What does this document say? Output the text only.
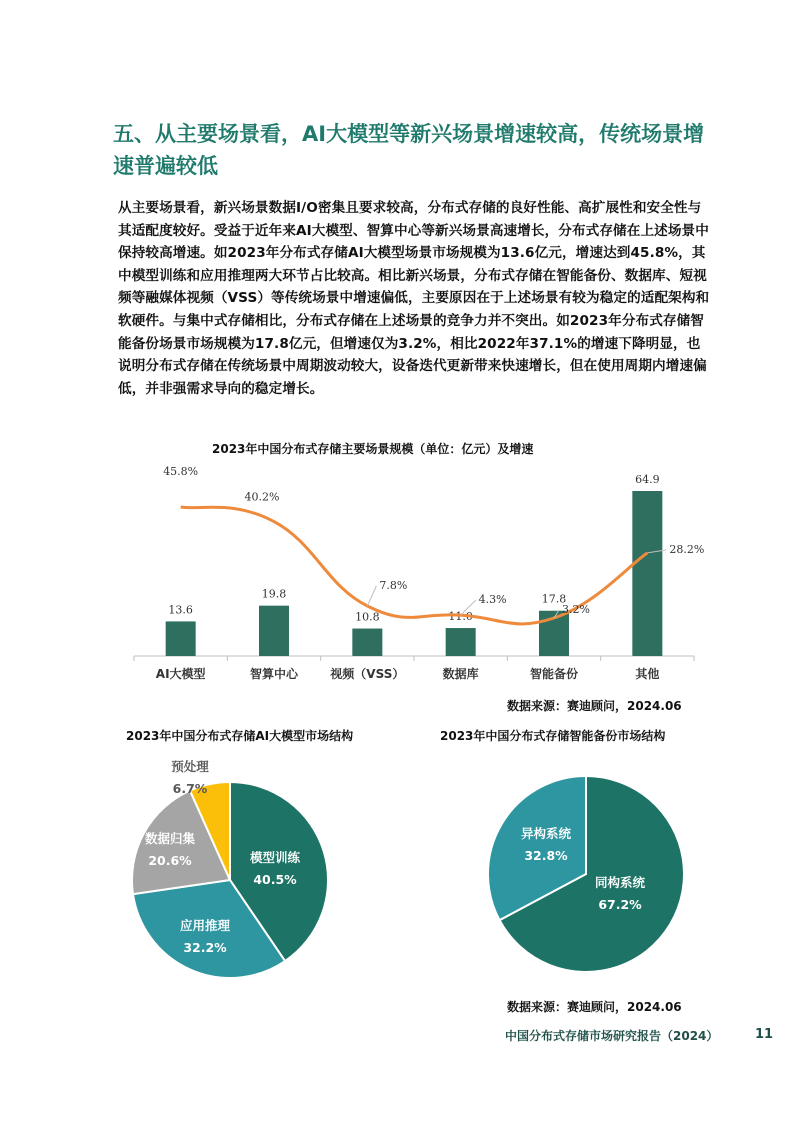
五、从主要场景看，AI大模型等新兴场景增速较高，传统场景增速普遍较低

从主要场景看，新兴场景数据I/O密集且要求较高，分布式存储的良好性能、高扩展性和安全性与其适配度较好。受益于近年来AI大模型、智算中心等新兴场景高速增长，分布式存储在上述场景中保持较高增速。如2023年分布式存储AI大模型场景市场规模为13.6亿元，增速达到45.8%，其中模型训练和应用推理两大环节占比较高。相比新兴场景，分布式存储在智能备份、数据库、短视频等融媒体视频（VSS）等传统场景中增速偏低，主要原因在于上述场景有较为稳定的适配架构和软硬件。与集中式存储相比，分布式存储在上述场景的竞争力并不突出。如2023年分布式存储智能备份场景市场规模为17.8亿元，但增速仅为3.2%，相比2022年37.1%的增速下降明显，也说明分布式存储在传统场景中周期波动较大，设备迭代更新带来快速增长，但在使用周期内增速偏低，并非强需求导向的稳定增长。

2023年中国分布式存储主要场景规模（单位：亿元）及增速
13.6
19.8
10.8	11.0
17.8
64.9
AI大模型	智算中心	视频（VSS）	数据库	智能备份	其他
45.8%
40.2%
7.8%
4.3%
3.2%
28.2%
数据来源：赛迪顾问，2024.06
2023年中国分布式存储AI大模型市场结构	2023年中国分布式存储智能备份市场结构
模型训练
40.5%
应用推理
32.2%
数据归集
20.6%
预处理
6.7%
同构系统
67.2%
异构系统
32.8%
数据来源：赛迪顾问，2024.06
中国分布式存储市场研究报告（2024）	11
